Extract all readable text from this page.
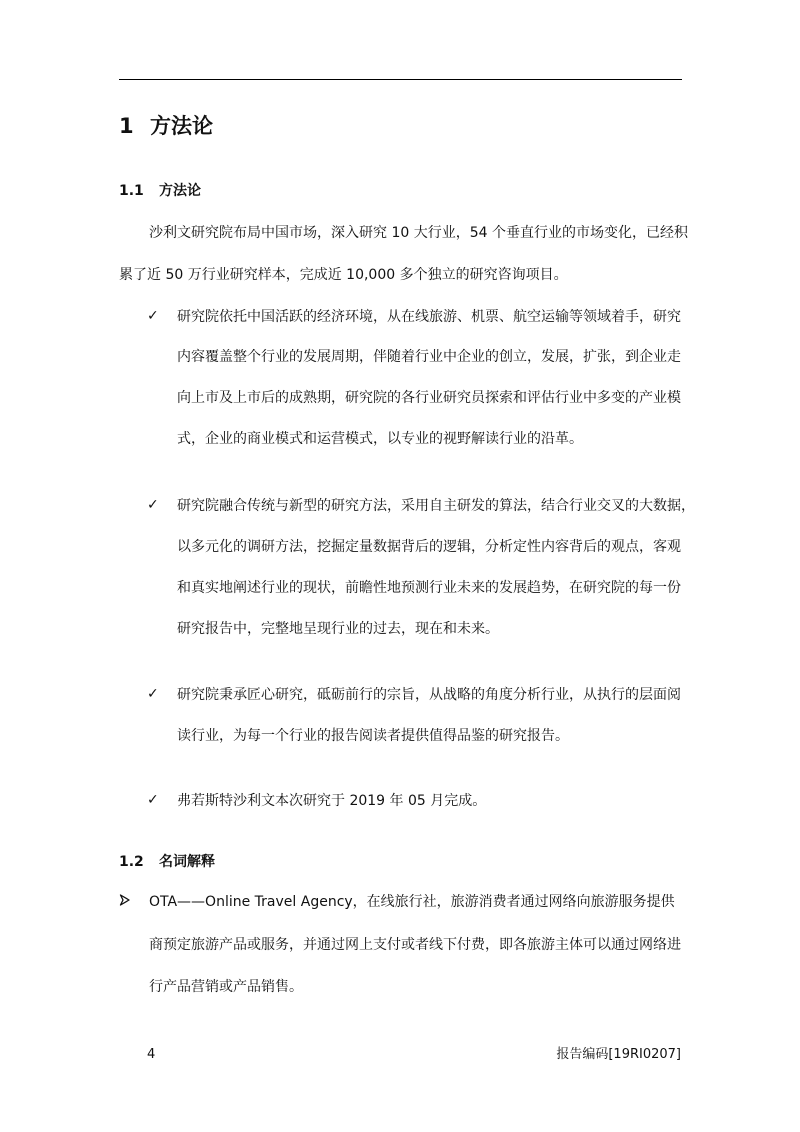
1 方法论
1.1 方法论
沙利文研究院布局中国市场，深入研究 10 大行业，54 个垂直行业的市场变化，已经积
累了近 50 万行业研究样本，完成近 10,000 多个独立的研究咨询项目。
✓ 研究院依托中国活跃的经济环境，从在线旅游、机票、航空运输等领域着手，研究
内容覆盖整个行业的发展周期，伴随着行业中企业的创立，发展，扩张，到企业走
向上市及上市后的成熟期，研究院的各行业研究员探索和评估行业中多变的产业模
式，企业的商业模式和运营模式，以专业的视野解读行业的沿革。
✓ 研究院融合传统与新型的研究方法，采用自主研发的算法，结合行业交叉的大数据，
以多元化的调研方法，挖掘定量数据背后的逻辑，分析定性内容背后的观点，客观
和真实地阐述行业的现状，前瞻性地预测行业未来的发展趋势，在研究院的每一份
研究报告中，完整地呈现行业的过去，现在和未来。
✓ 研究院秉承匠心研究，砥砺前行的宗旨，从战略的角度分析行业，从执行的层面阅
读行业，为每一个行业的报告阅读者提供值得品鉴的研究报告。
✓ 弗若斯特沙利文本次研究于 2019 年 05 月完成。
1.2 名词解释
OTA——Online Travel Agency，在线旅行社，旅游消费者通过网络向旅游服务提供
商预定旅游产品或服务，并通过网上支付或者线下付费，即各旅游主体可以通过网络进
行产品营销或产品销售。
4	报告编码[19RI0207]
